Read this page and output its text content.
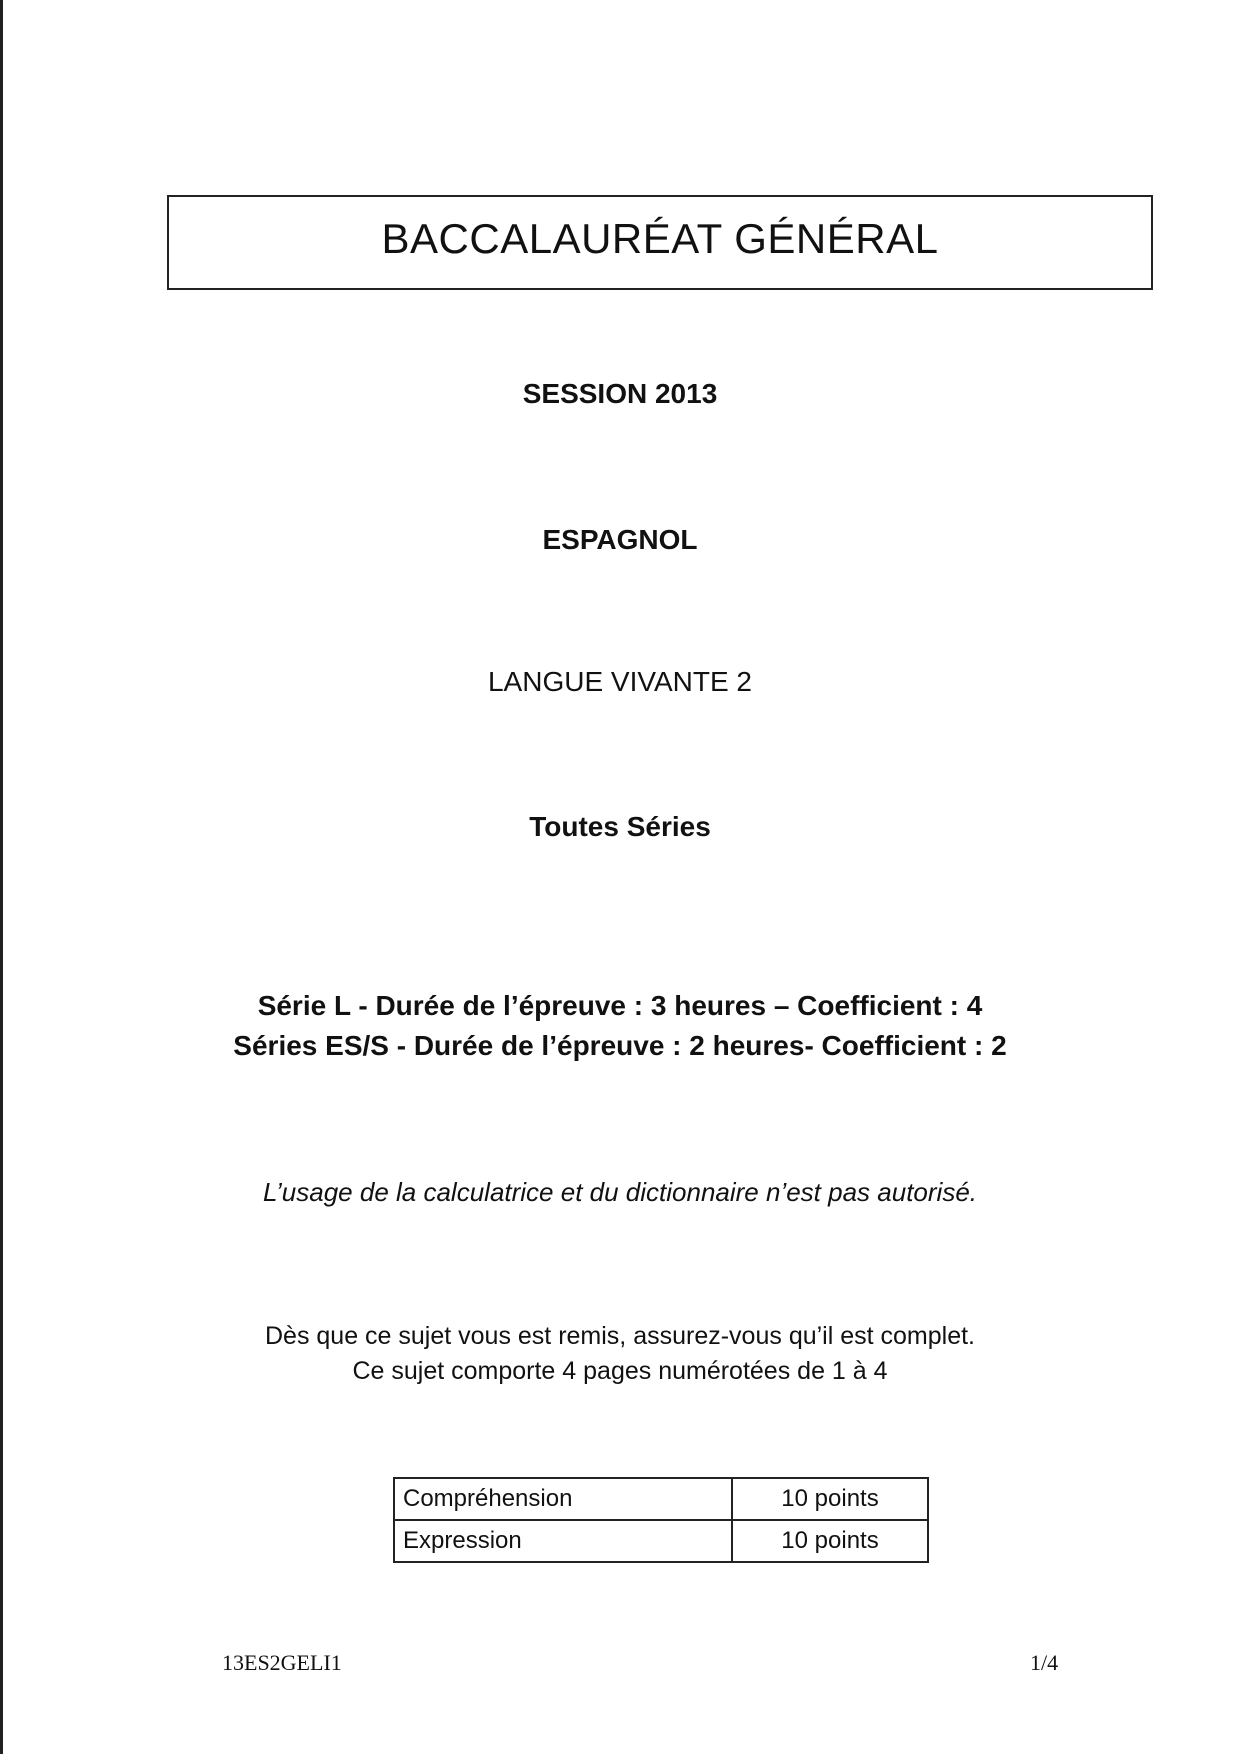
BACCALAURÉAT GÉNÉRAL
SESSION 2013
ESPAGNOL
LANGUE VIVANTE 2
Toutes Séries
Série L - Durée de l’épreuve : 3 heures – Coefficient : 4
Séries ES/S - Durée de l’épreuve : 2 heures- Coefficient : 2
L’usage de la calculatrice et du dictionnaire n’est pas autorisé.
Dès que ce sujet vous est remis, assurez-vous qu’il est complet.
Ce sujet comporte 4 pages numérotées de 1 à 4
Compréhension	10 points
Expression	10 points
13ES2GELI1	1/4
